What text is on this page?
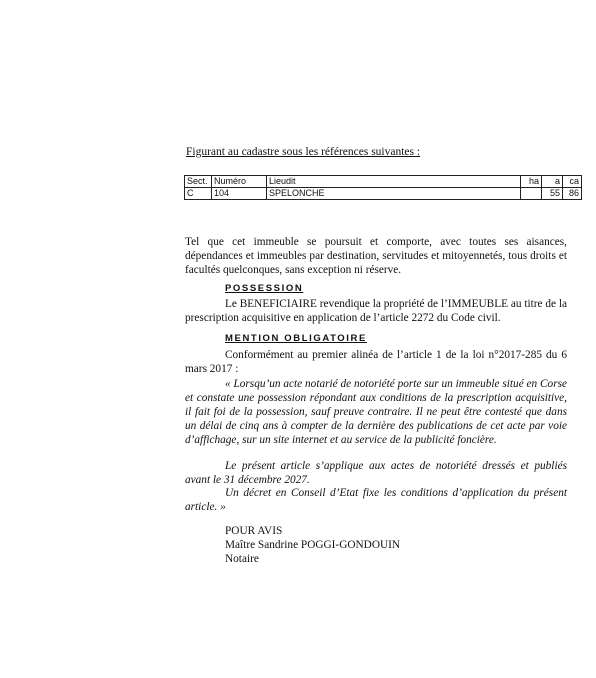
Figurant au cadastre sous les références suivantes :
Sect.	Numéro	Lieudit	ha	a	ca
C	104	SPELONCHE		55	86
Tel que cet immeuble se poursuit et comporte, avec toutes ses aisances, dépendances et immeubles par destination, servitudes et mitoyennetés, tous droits et facultés quelconques, sans exception ni réserve.
POSSESSION
Le BENEFICIAIRE revendique la propriété de l’IMMEUBLE au titre de la prescription acquisitive en application de l’article 2272 du Code civil.
MENTION OBLIGATOIRE
Conformément au premier alinéa de l’article 1 de la loi n°2017-285 du 6 mars 2017 :
« Lorsqu’un acte notarié de notoriété porte sur un immeuble situé en Corse et constate une possession répondant aux conditions de la prescription acquisitive, il fait foi de la possession, sauf preuve contraire. Il ne peut être contesté que dans un délai de cinq ans à compter de la dernière des publications de cet acte par voie d’affichage, sur un site internet et au service de la publicité foncière.
Le présent article s’applique aux actes de notoriété dressés et publiés avant le 31 décembre 2027.
Un décret en Conseil d’Etat fixe les conditions d’application du présent article. »
POUR AVIS
Maître Sandrine POGGI-GONDOUIN
Notaire
